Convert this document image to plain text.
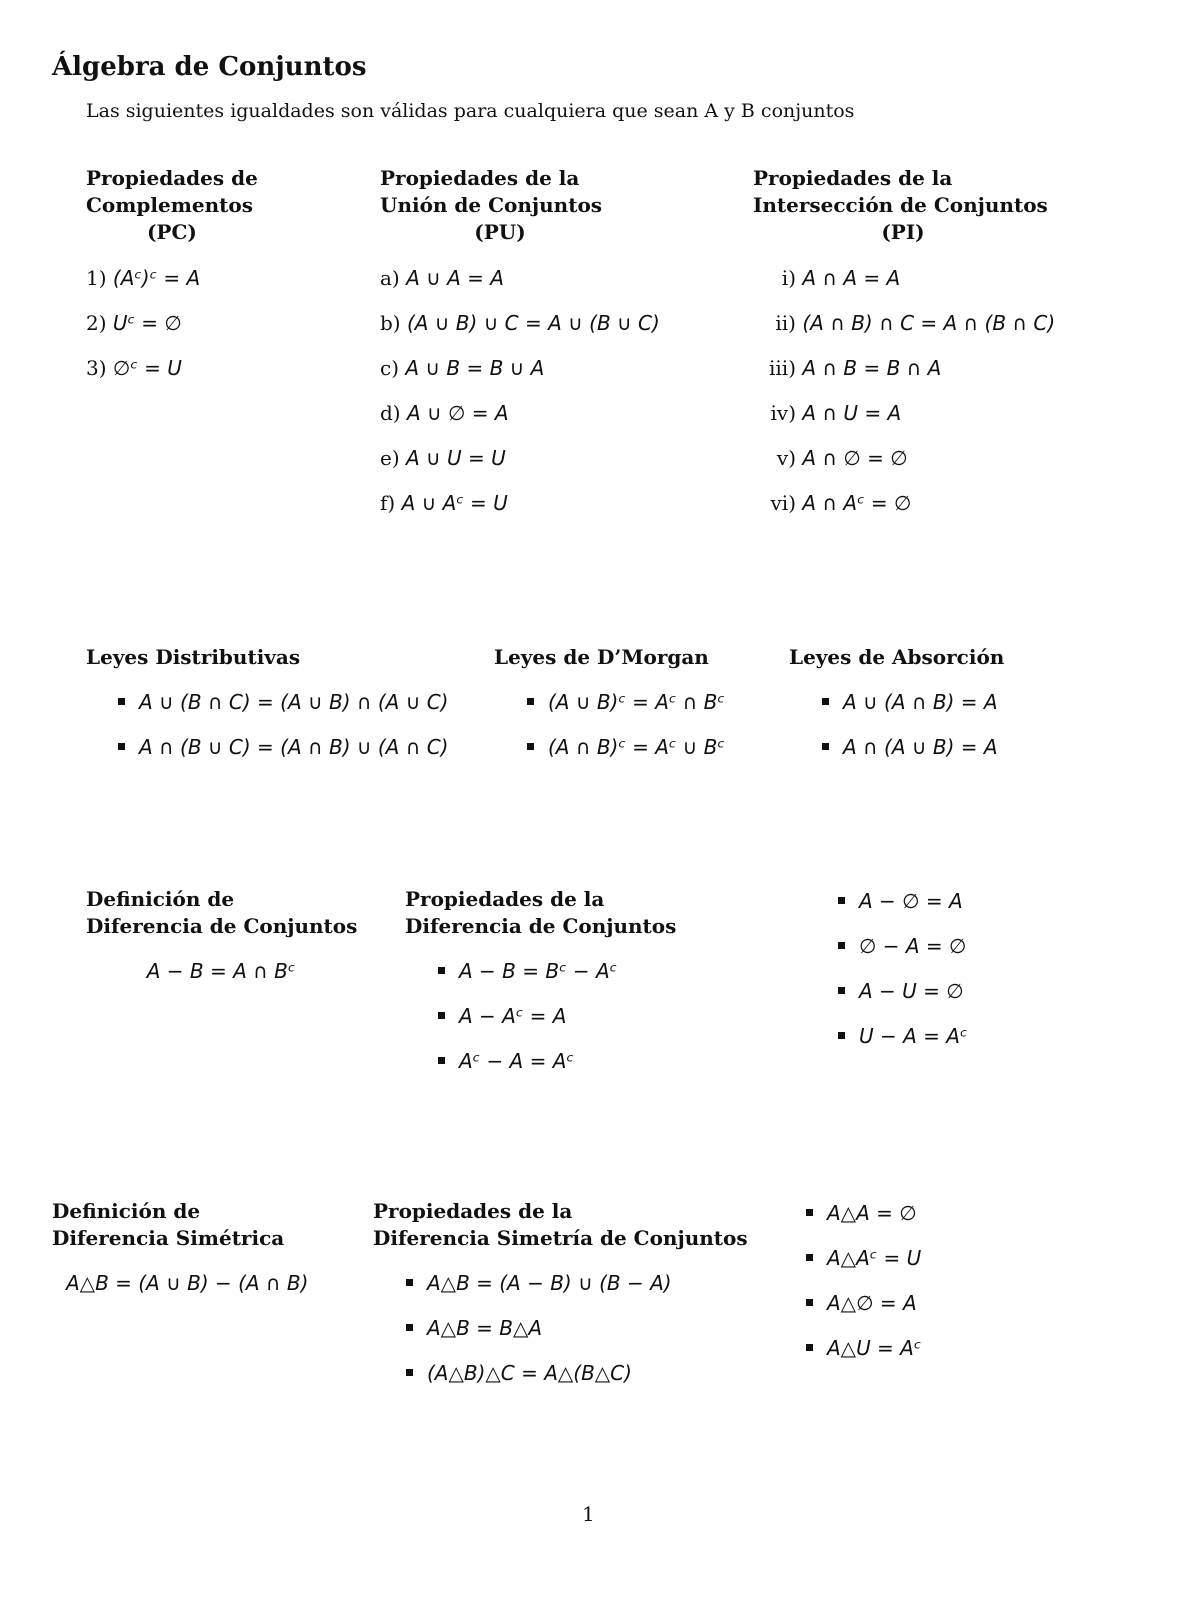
Álgebra de Conjuntos
Las siguientes igualdades son válidas para cualquiera que sean A y B conjuntos
Propiedades de
Complementos
(PC)
1) (Aᶜ)ᶜ = A
2) Uᶜ = ∅
3) ∅ᶜ = U
Propiedades de la
Unión de Conjuntos
(PU)
a) A ∪ A = A
b) (A ∪ B) ∪ C = A ∪ (B ∪ C)
c) A ∪ B = B ∪ A
d) A ∪ ∅ = A
e) A ∪ U = U
f) A ∪ Aᶜ = U
Propiedades de la
Intersección de Conjuntos
(PI)
i) A ∩ A = A
ii) (A ∩ B) ∩ C = A ∩ (B ∩ C)
iii) A ∩ B = B ∩ A
iv) A ∩ U = A
v) A ∩ ∅ = ∅
vi) A ∩ Aᶜ = ∅
Leyes Distributivas
A ∪ (B ∩ C) = (A ∪ B) ∩ (A ∪ C)
A ∩ (B ∪ C) = (A ∩ B) ∪ (A ∩ C)
Leyes de D’Morgan
(A ∪ B)ᶜ = Aᶜ ∩ Bᶜ
(A ∩ B)ᶜ = Aᶜ ∪ Bᶜ
Leyes de Absorción
A ∪ (A ∩ B) = A
A ∩ (A ∪ B) = A
Definición de
Diferencia de Conjuntos
A − B = A ∩ Bᶜ
Propiedades de la
Diferencia de Conjuntos
A − B = Bᶜ − Aᶜ
A − Aᶜ = A
Aᶜ − A = Aᶜ
A − ∅ = A
∅ − A = ∅
A − U = ∅
U − A = Aᶜ
Definición de
Diferencia Simétrica
A△B = (A ∪ B) − (A ∩ B)
Propiedades de la
Diferencia Simetría de Conjuntos
A△B = (A − B) ∪ (B − A)
A△B = B△A
(A△B)△C = A△(B△C)
A△A = ∅
A△Aᶜ = U
A△∅ = A
A△U = Aᶜ
1
